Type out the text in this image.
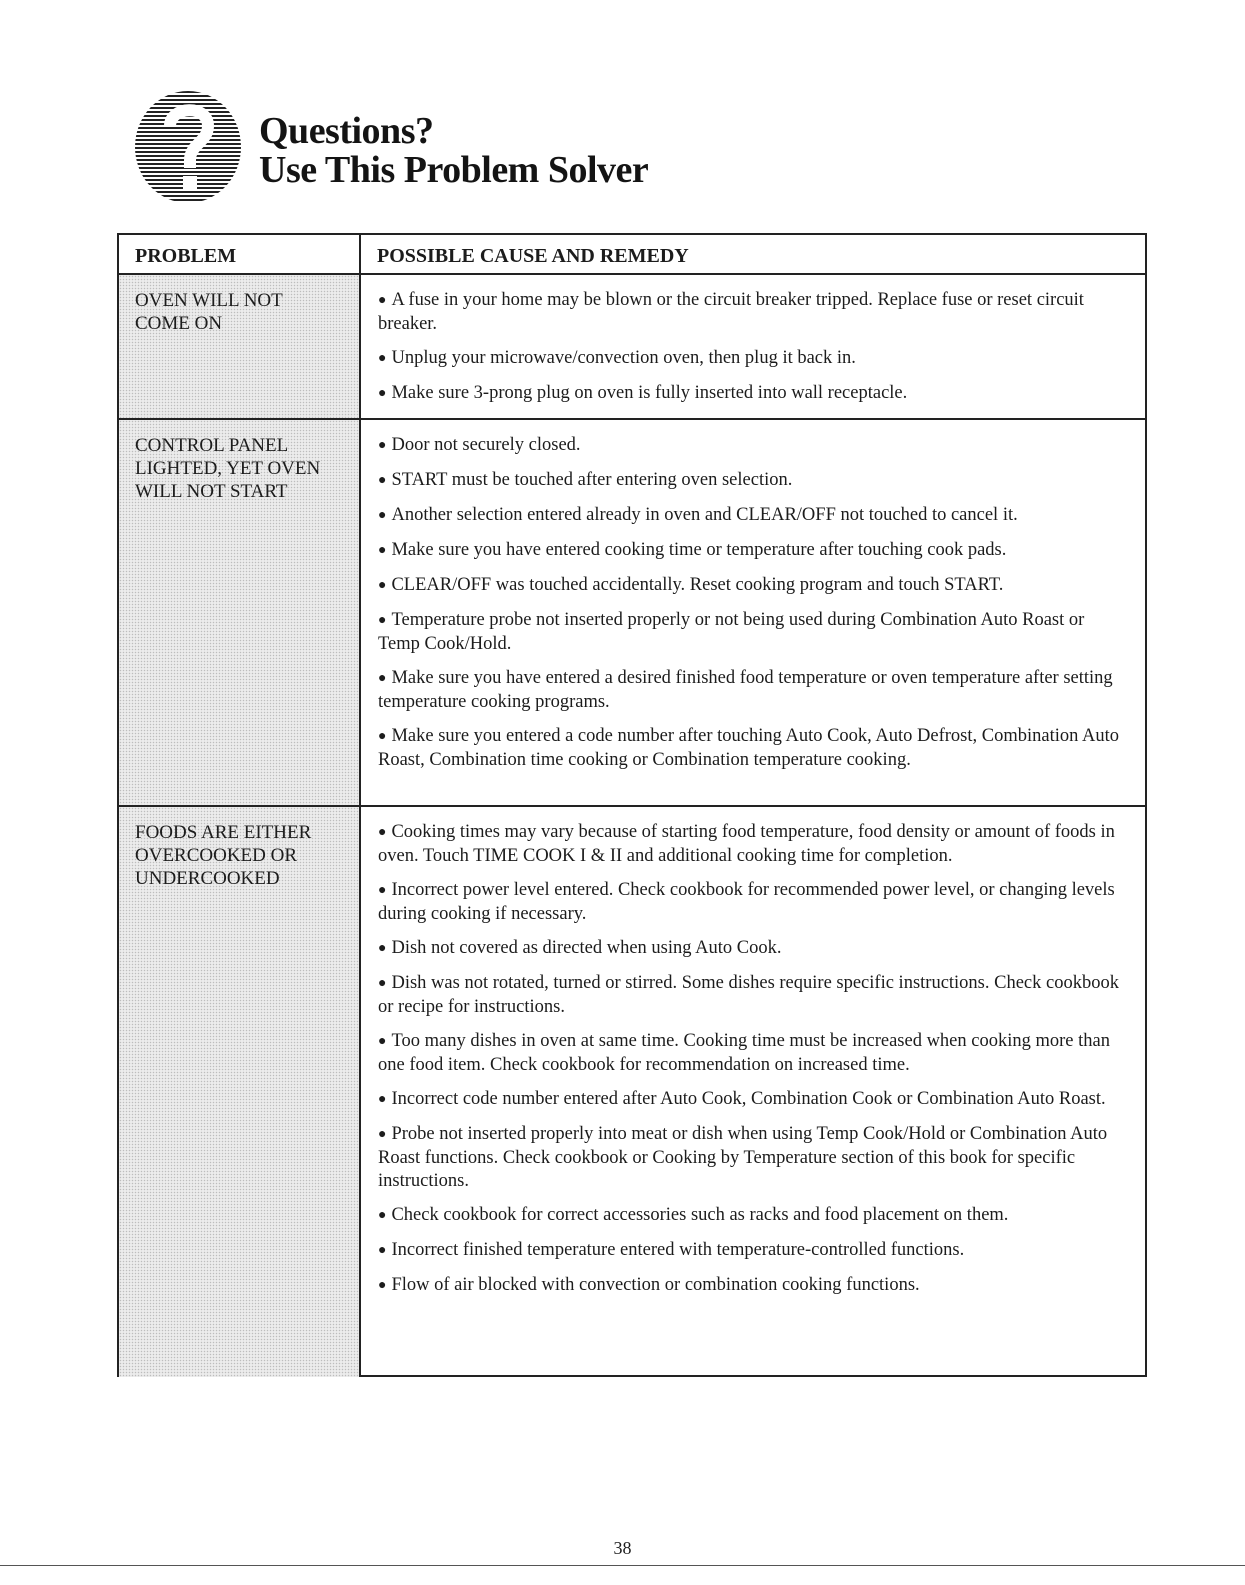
Questions?
Use This Problem Solver
PROBLEM	POSSIBLE CAUSE AND REMEDY
OVEN WILL NOT COME ON

● A fuse in your home may be blown or the circuit breaker tripped. Replace fuse or reset circuit breaker.

● Unplug your microwave/convection oven, then plug it back in.

● Make sure 3-prong plug on oven is fully inserted into wall receptacle.

CONTROL PANEL LIGHTED, YET OVEN WILL NOT START

● Door not securely closed.

● START must be touched after entering oven selection.

● Another selection entered already in oven and CLEAR/OFF not touched to cancel it.

● Make sure you have entered cooking time or temperature after touching cook pads.

● CLEAR/OFF was touched accidentally. Reset cooking program and touch START.

● Temperature probe not inserted properly or not being used during Combination Auto Roast or Temp Cook/Hold.

● Make sure you have entered a desired finished food temperature or oven temperature after setting temperature cooking programs.

● Make sure you entered a code number after touching Auto Cook, Auto Defrost, Combination Auto Roast, Combination time cooking or Combination temperature cooking.

FOODS ARE EITHER OVERCOOKED OR UNDERCOOKED

● Cooking times may vary because of starting food temperature, food density or amount of foods in oven. Touch TIME COOK I & II and additional cooking time for completion.

● Incorrect power level entered. Check cookbook for recommended power level, or changing levels during cooking if necessary.

● Dish not covered as directed when using Auto Cook.

● Dish was not rotated, turned or stirred. Some dishes require specific instructions. Check cookbook or recipe for instructions.

● Too many dishes in oven at same time. Cooking time must be increased when cooking more than one food item. Check cookbook for recommendation on increased time.

● Incorrect code number entered after Auto Cook, Combination Cook or Combination Auto Roast.

● Probe not inserted properly into meat or dish when using Temp Cook/Hold or Combination Auto Roast functions. Check cookbook or Cooking by Temperature section of this book for specific instructions.

● Check cookbook for correct accessories such as racks and food placement on them.

● Incorrect finished temperature entered with temperature-controlled functions.

● Flow of air blocked with convection or combination cooking functions.

38
